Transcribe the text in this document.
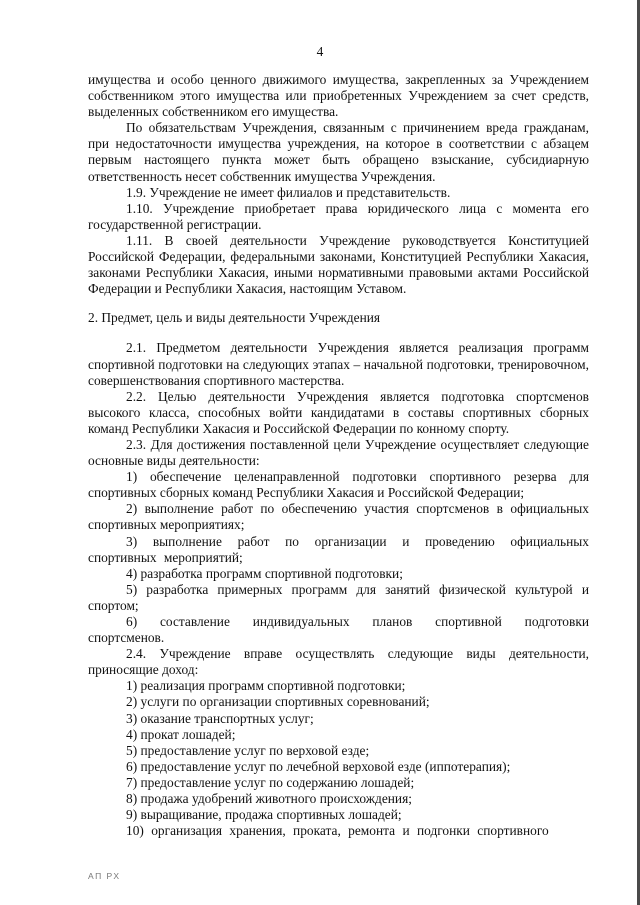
4

имущества и особо ценного движимого имущества, закрепленных за Учреждением собственником этого имущества или приобретенных Учреждением за счет средств, выделенных собственником его имущества.

По обязательствам Учреждения, связанным с причинением вреда гражданам, при недостаточности имущества учреждения, на которое в соответствии с абзацем первым настоящего пункта может быть обращено взыскание, субсидиарную ответственность несет собственник имущества Учреждения.

1.9. Учреждение не имеет филиалов и представительств.

1.10. Учреждение приобретает права юридического лица с момента его государственной регистрации.

1.11. В своей деятельности Учреждение руководствуется Конституцией Российской Федерации, федеральными законами, Конституцией Республики Хакасия, законами Республики Хакасия, иными нормативными правовыми актами Российской Федерации и Республики Хакасия, настоящим Уставом.

2. Предмет, цель и виды деятельности Учреждения

2.1. Предметом деятельности Учреждения является реализация программ спортивной подготовки на следующих этапах – начальной подготовки, тренировочном, совершенствования спортивного мастерства.

2.2. Целью деятельности Учреждения является подготовка спортсменов высокого класса, способных войти кандидатами в составы спортивных сборных команд Республики Хакасия и Российской Федерации по конному спорту.

2.3. Для достижения поставленной цели Учреждение осуществляет следующие основные виды деятельности:

1) обеспечение целенаправленной подготовки спортивного резерва для спортивных сборных команд Республики Хакасия и Российской Федерации;

2) выполнение работ по обеспечению участия спортсменов в официальных спортивных мероприятиях;

3) выполнение работ по организации и проведению официальных спортивных мероприятий;

4) разработка программ спортивной подготовки;

5) разработка примерных программ для занятий физической культурой и спортом;

6) составление индивидуальных планов спортивной подготовки спортсменов.

2.4. Учреждение вправе осуществлять следующие виды деятельности, приносящие доход:

1) реализация программ спортивной подготовки;

2) услуги по организации спортивных соревнований;

3) оказание транспортных услуг;

4) прокат лошадей;

5) предоставление услуг по верховой езде;

6) предоставление услуг по лечебной верховой езде (иппотерапия);

7) предоставление услуг по содержанию лошадей;

8) продажа удобрений животного происхождения;

9) выращивание, продажа спортивных лошадей;

10) организация хранения, проката, ремонта и подгонки спортивного

АП РХ
